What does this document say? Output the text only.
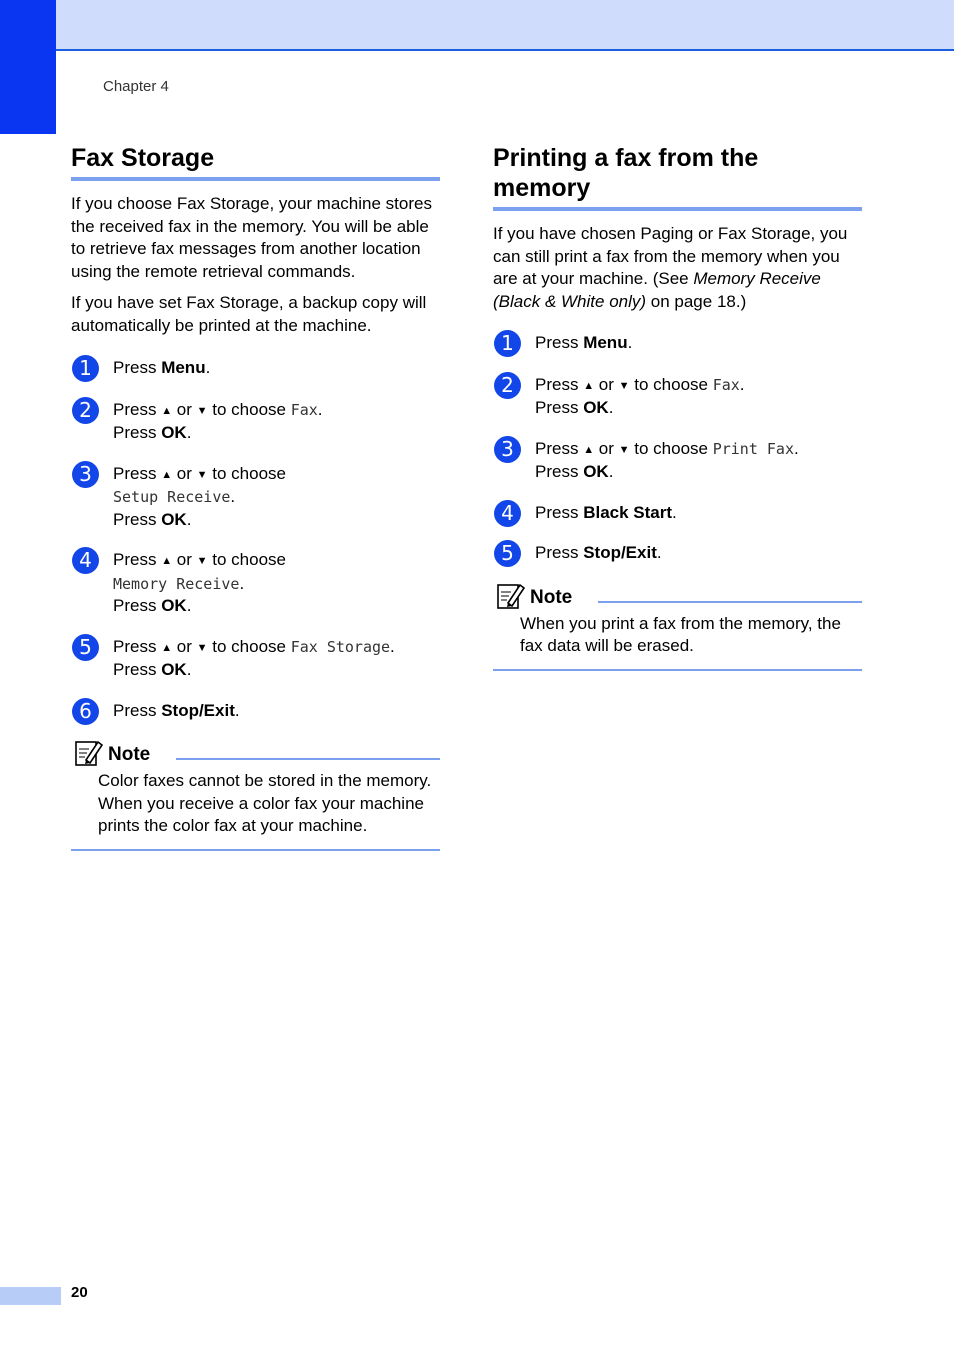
Chapter 4
Fax Storage

If you choose Fax Storage, your machine stores the received fax in the memory. You will be able to retrieve fax messages from another location using the remote retrieval commands.

If you have set Fax Storage, a backup copy will automatically be printed at the machine.

1	Press Menu.
2	Press ▲ or ▼ to choose Fax.
Press OK.
3	Press ▲ or ▼ to choose
Setup Receive.
Press OK.
4	Press ▲ or ▼ to choose
Memory Receive.
Press OK.
5	Press ▲ or ▼ to choose Fax Storage.
Press OK.
6	Press Stop/Exit.
Note

Color faxes cannot be stored in the memory. When you receive a color fax your machine prints the color fax at your machine.

Printing a fax from the
memory

If you have chosen Paging or Fax Storage, you can still print a fax from the memory when you are at your machine. (See Memory Receive (Black & White only) on page 18.)

1	Press Menu.
2	Press ▲ or ▼ to choose Fax.
Press OK.
3	Press ▲ or ▼ to choose Print Fax.
Press OK.
4	Press Black Start.
5	Press Stop/Exit.
Note

When you print a fax from the memory, the fax data will be erased.

20
